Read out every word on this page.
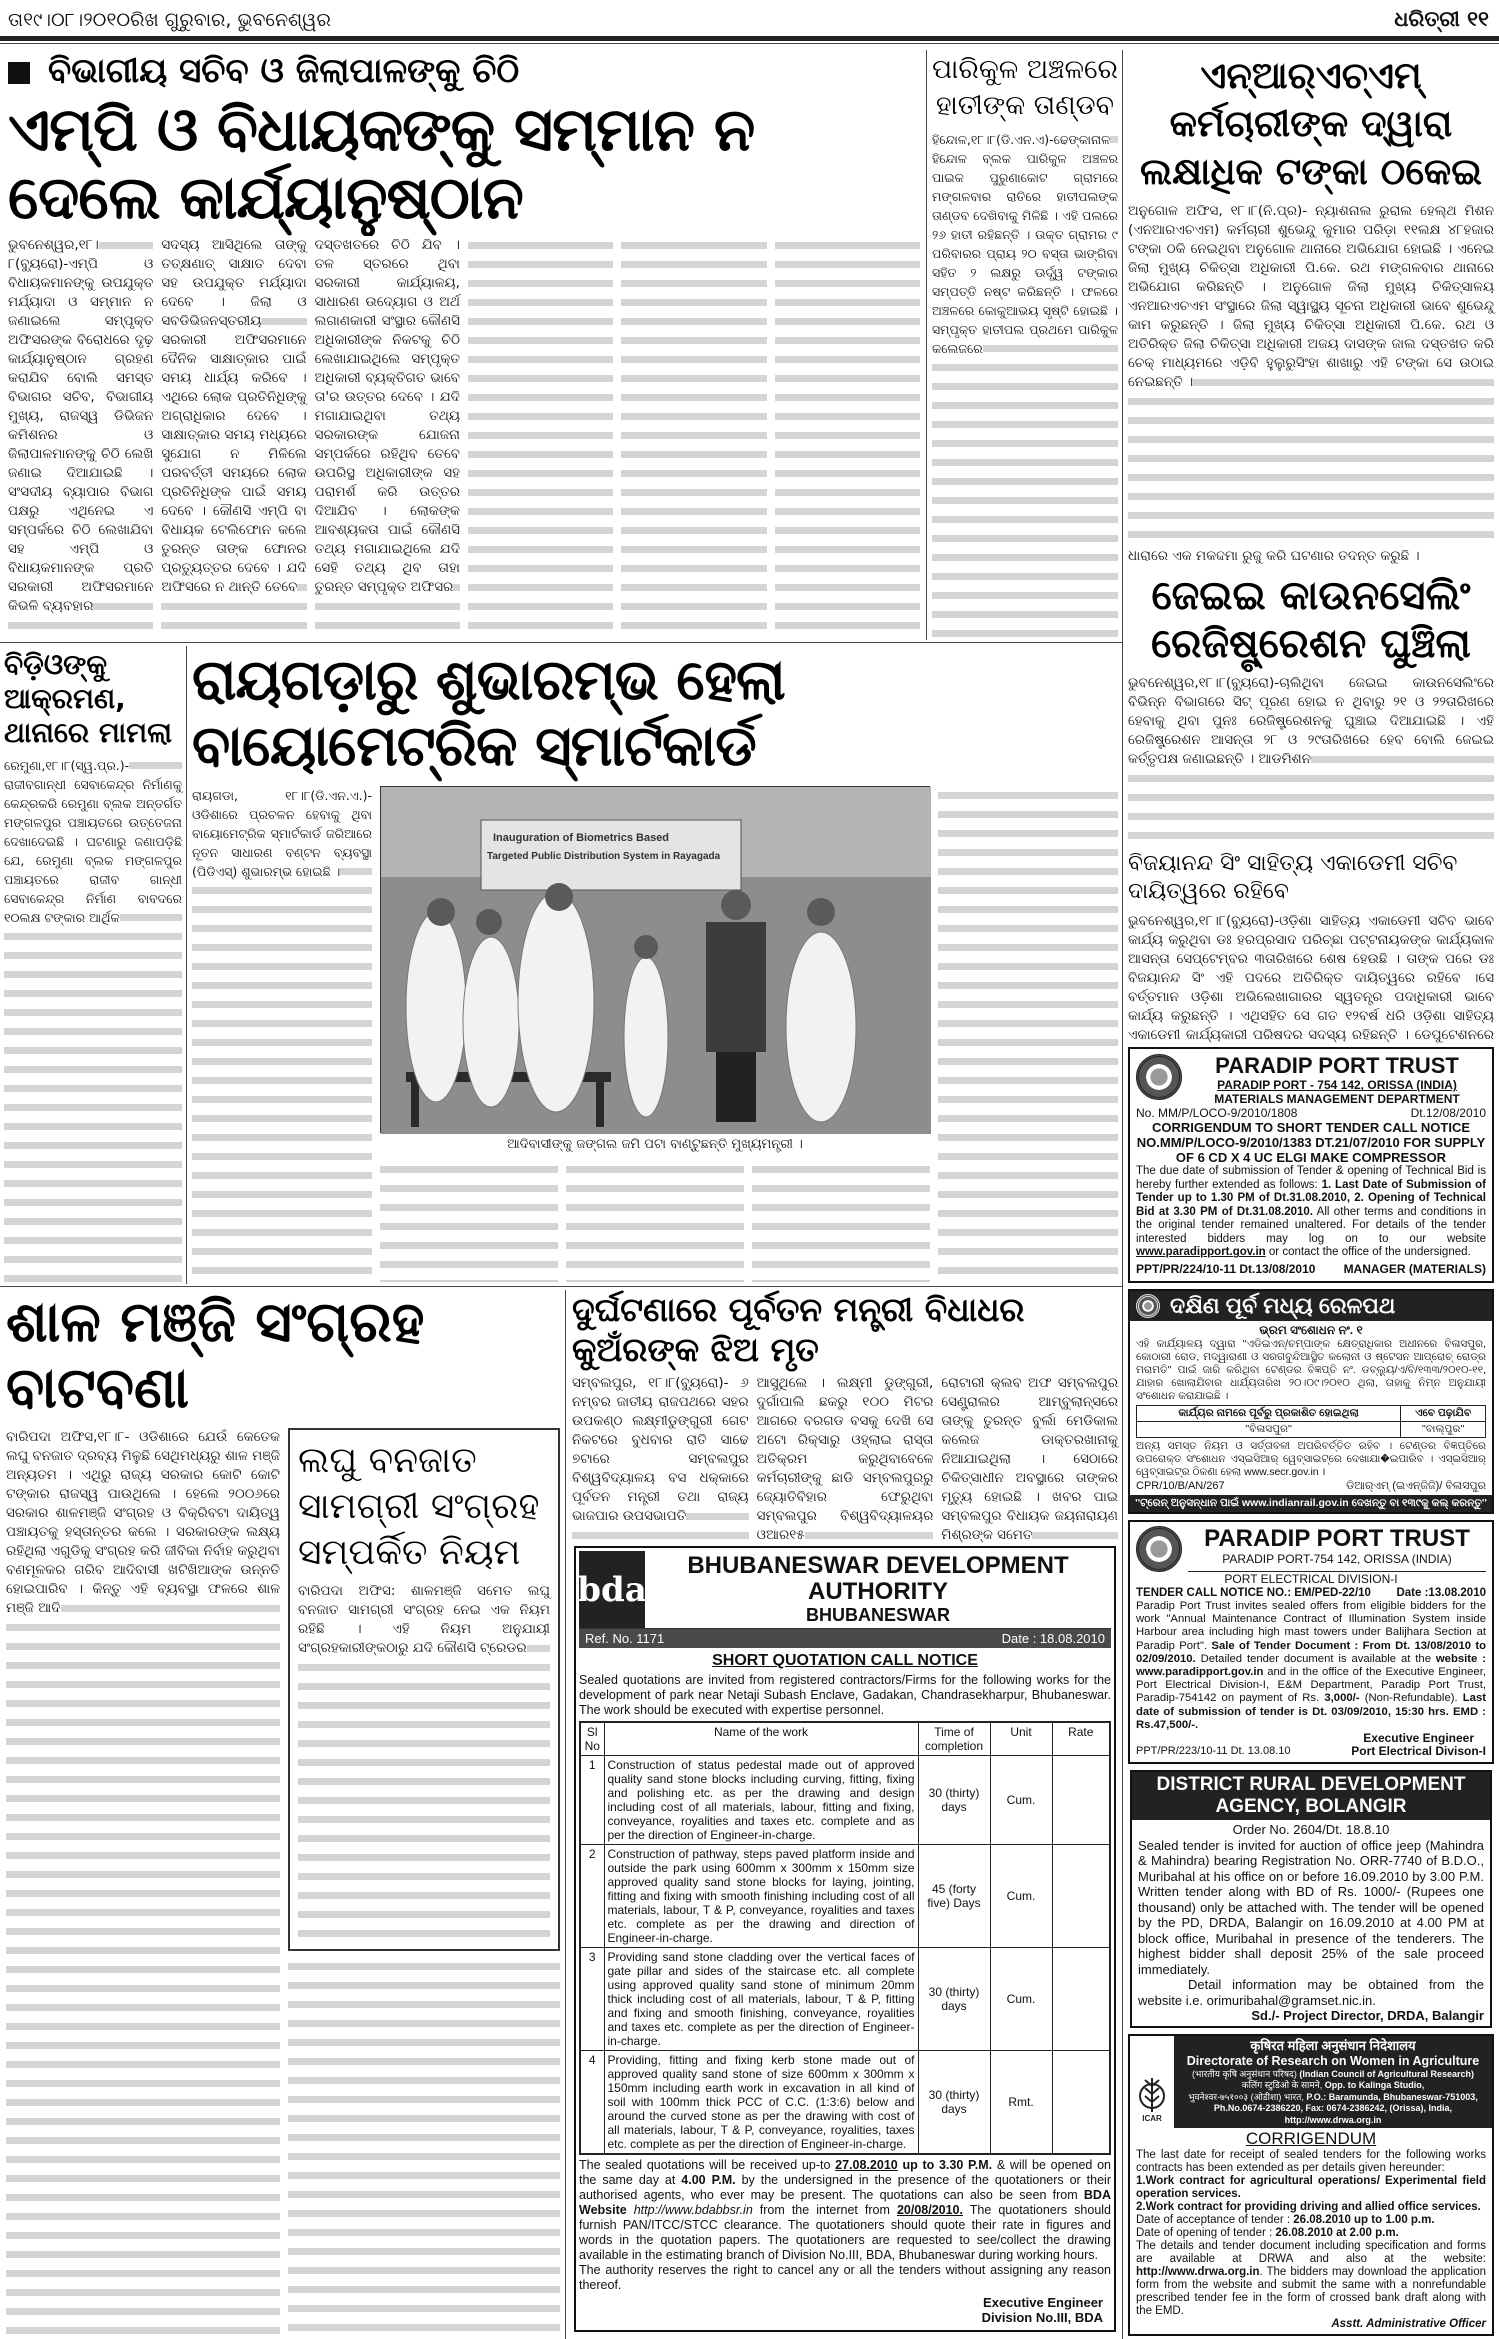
ତା୧୯।୦୮।୨୦୧୦ରିଖ ଗୁରୁବାର, ଭୁବନେଶ୍ୱର	ଧରିତ୍ରୀ ୧୧
ବିଭାଗୀୟ ସଚିବ ଓ ଜିଲାପାଳଙ୍କୁ ଚିଠି
ଏମ୍‌ପି ଓ ବିଧାୟକଙ୍କୁ ସମ୍ମାନ ନ ଦେଲେ କାର୍ଯ୍ୟାନୁଷ୍ଠାନ
ଭୁବନେଶ୍ୱର,୧୮।୮(ବ୍ୟୁରୋ)-ଏମ୍‌ପି ଓ ବିଧାୟକମାନଙ୍କୁ ଉପଯୁକ୍ତ ମର୍ଯ୍ୟାଦା ଓ ସମ୍ମାନ ନ ଜଣାଇଲେ ସମ୍ପୃକ୍ତ ଅଫିସରଙ୍କ ବିରୋଧରେ ଦୃଢ଼ କାର୍ଯ୍ୟାନୁଷ୍ଠାନ ଗ୍ରହଣ କରାଯିବ ବୋଲି ସମସ୍ତ ବିଭାଗର ସଚିବ, ବିଭାଗୀୟ ମୁଖ୍ୟ, ରାଜସ୍ୱ ଡିଭିଜନ କମିଶନର ଓ ଜିଲାପାଳମାନଙ୍କୁ ଚିଠି ଲେଖି ଜଣାଇ ଦିଆଯାଇଛି । ସଂସଦୀୟ ବ୍ୟାପାର ବିଭାଗ ପକ୍ଷରୁ ଏଥିନେଇ ଏ ସମ୍ପର୍କରେ ଚିଠି ଲେଖାଯିବା ସହ ଏମ୍‌ପି ଓ ବିଧାୟକମାନଙ୍କ ପ୍ରତି ସରକାରୀ ଅଫିସରମାନେ କିଭଳି ବ୍ୟବହାର
ସଦସ୍ୟ ଆସିଥିଲେ ତାଙ୍କୁ ତତ୍‌କ୍ଷଣାତ୍ ସାକ୍ଷାତ ଦେବା ସହ ଉପଯୁକ୍ତ ମର୍ଯ୍ୟାଦା ଦେବେ । ଜିଲା ଓ ସବଡିଭିଜନସ୍ତରୀୟ ସରକାରୀ ଅଫିସରମାନେ ଦୈନିକ ସାକ୍ଷାତ୍‌କାର ପାଇଁ ସମୟ ଧାର୍ଯ୍ୟ କରିବେ । ଏଥିରେ ଲୋକ ପ୍ରତିନିଧିଙ୍କୁ ଅଗ୍ରାଧିକାର ଦେବେ । ସାକ୍ଷାତ୍‌କାର ସମୟ ମଧ୍ୟରେ ସୁଯୋଗ ନ ମିଳିଲେ ପରବର୍ତ୍ତୀ ସମୟରେ ଲୋକ ପ୍ରତିନିଧିଙ୍କ ପାଇଁ ସମୟ ଦେବେ । କୌଣସି ଏମ୍‌ପି ବା ବିଧାୟକ ଟେଲିଫୋନ କଲେ ତୁରନ୍ତ ତାଙ୍କ ଫୋନର ପ୍ରତ୍ୟୁତ୍ତର ଦେବେ । ଯଦି ଅଫିସରେ ନ ଥାନ୍ତି ତେବେ
ଦସ୍ତଖତରେ ଚିଠି ଯିବ । ତଳ ସ୍ତରରେ ଥିବା ସରକାରୀ କାର୍ଯ୍ୟାଳୟ, ସାଧାରଣ ଉଦ୍ୟୋଗ ଓ ଅର୍ଥ ଲଗାଣକାରୀ ସଂସ୍ଥାର କୌଣସି ଅଧିକାରୀଙ୍କ ନିକଟକୁ ଚିଠି ଲେଖାଯାଇଥିଲେ ସମ୍ପୃକ୍ତ ଅଧିକାରୀ ବ୍ୟକ୍ତିଗତ ଭାବେ ତା'ର ଉତ୍ତର ଦେବେ । ଯଦି ମଗାଯାଇଥିବା ତଥ୍ୟ ସରକାରଙ୍କ ଯୋଜନା ସମ୍ପର୍କରେ ରହିଥିବ ତେବେ ଉପରିସ୍ଥ ଅଧିକାରୀଙ୍କ ସହ ପରାମର୍ଶ କରି ଉତ୍ତର ଦିଆଯିବ । ଲୋକଙ୍କ ଆବଶ୍ୟକତା ପାଇଁ କୌଣସି ତଥ୍ୟ ମଗାଯାଇଥିଲେ ଯଦି ସେହି ତଥ୍ୟ ଥିବ ତାହା ତୁରନ୍ତ ସମ୍ପୃକ୍ତ ଅଫିସର
ପାରିକୁଳ ଅଞ୍ଚଳରେ ହାତୀଙ୍କ ତାଣ୍ଡବ
ହିନ୍ଦୋଳ,୧୮।୮(ଡି.ଏନ.ଏ)-ଢେଙ୍କାନାଳ ହିନ୍ଦୋଳ ବ୍ଲକ ପାରିକୁଳ ଅଞ୍ଚଳର ପାଇକ ପୁରୁଣାକୋଟ ଗ୍ରାମରେ ମଙ୍ଗଳବାର ରାତିରେ ହାତୀପଲଙ୍କ ତାଣ୍ଡବ ଦେଖିବାକୁ ମିଳିଛି । ଏହି ପଲରେ ୨୬ ହାତୀ ରହିଛନ୍ତି । ଉକ୍ତ ଗ୍ରାମର ୯ ପରିବାରର ପ୍ରାୟ ୨୦ ବସ୍ତା ଭାଙ୍ଗିବା ସହିତ ୨ ଲକ୍ଷରୁ ଊର୍ଦ୍ଧ୍ୱ ଟଙ୍କାର ସମ୍ପତ୍ତି ନଷ୍ଟ କରିଛନ୍ତି । ଫଳରେ ଅଞ୍ଚଳରେ କୋକୁଆଭୟ ସୃଷ୍ଟି ହୋଇଛି । ସମ୍ପୃକ୍ତ ହାତୀପଲ ପ୍ରଥମେ ପାରିକୁଳ କଲେଜରେ
ଏନ୍‌ଆର୍‌ଏଚ୍‌ଏମ୍ କର୍ମଚାରୀଙ୍କ ଦ୍ୱାରା ଲକ୍ଷାଧିକ ଟଙ୍କା ଠକେଇ
ଅନୁଗୋଳ ଅଫିସ, ୧୮।୮(ନି.ପ୍ର)- ନ୍ୟାଶନାଲ ରୁରାଲ ହେଲ୍‌ଥ ମିଶନ (ଏନଆରଏଚଏମ) କର୍ମଚାରୀ ଶୁଭେନ୍ଦୁ କୁମାର ପରିଡ଼ା ୧୧ଲକ୍ଷ ୪୮ହଜାର ଟଙ୍କା ଠକି ନେଇଥିବା ଅନୁଗୋଳ ଥାନାରେ ଅଭିଯୋଗ ହୋଇଛି । ଏନେଇ ଜିଲା ମୁଖ୍ୟ ଚିକିତ୍ସା ଅଧିକାରୀ ପି.କେ. ରଥ ମଙ୍ଗଳବାର ଥାନାରେ ଅଭିଯୋଗ କରିଛନ୍ତି । ଅନୁଗୋଳ ଜିଲା ମୁଖ୍ୟ ଚିକିତ୍ସାଳୟ ଏନଆରଏଚଏମ ସଂସ୍ଥାରେ ଜିଲା ସ୍ୱାସ୍ଥ୍ୟ ସୂଚନା ଅଧିକାରୀ ଭାବେ ଶୁଭେନ୍ଦୁ କାମ କରୁଛନ୍ତି । ଜିଲା ମୁଖ୍ୟ ଚିକିତ୍ସା ଅଧିକାରୀ ପି.କେ. ରଥ ଓ ଅତିରିକ୍ତ ଜିଲା ଚିକିତ୍ସା ଅଧିକାରୀ ଅଜୟ ଦାସଙ୍କ ଜାଲ ଦସ୍ତଖତ କରି ଚେକ୍ ମାଧ୍ୟମରେ ଏଡ଼ିବି ହୁଲୁରୁସିଂହା ଶାଖାରୁ ଏହି ଟଙ୍କା ସେ ଉଠାଇ ନେଇଛନ୍ତି ।
ଧାରାରେ ଏକ ମକଦ୍ଦମା ରୁଜୁ କରି ଘଟଣାର ତଦନ୍ତ କରୁଛି ।
ଜେଇଇ କାଉନସେଲିଂ ରେଜିଷ୍ଟ୍ରେଶନ ଘୁଞ୍ଚିଲା
ଭୁବନେଶ୍ୱର,୧୮।୮(ବ୍ୟୁରୋ)-ଚାଲିଥିବା ଜେଇଇ କାଉନସେଲିଂରେ ବିଭିନ୍ନ ବିଭାଗରେ ସିଟ୍ ପୂରଣ ହୋଇ ନ ଥିବାରୁ ୨୧ ଓ ୨୨ତାରିଖରେ ହେବାକୁ ଥିବା ପୁନଃ ରେଜିଷ୍ଟ୍ରେଶନକୁ ଘୁଞ୍ଚାଇ ଦିଆଯାଇଛି । ଏହି ରେଜିଷ୍ଟ୍ରେଶନ ଆସନ୍ତା ୨୮ ଓ ୨୯ତାରିଖରେ ହେବ ବୋଲି ଜେଇଇ କର୍ତ୍ତୃପକ୍ଷ ଜଣାଇଛନ୍ତି । ଆଡମିଶନ
ବିଜୟାନନ୍ଦ ସିଂ ସାହିତ୍ୟ ଏକାଡେମୀ ସଚିବ ଦାୟିତ୍ୱରେ ରହିବେ
ଭୁବନେଶ୍ୱର,୧୮।୮(ବ୍ୟୁରୋ)-ଓଡ଼ିଶା ସାହିତ୍ୟ ଏକାଡେମୀ ସଚିବ ଭାବେ କାର୍ଯ୍ୟ କରୁଥିବା ଡଃ ହରପ୍ରସାଦ ପରିଚ୍ଛା ପଟ୍ଟନାୟକଙ୍କ କାର୍ଯ୍ୟକାଳ ଆସନ୍ତା ସେପ୍ଟେମ୍ବର ୩ତାରିଖରେ ଶେଷ ହେଉଛି । ତାଙ୍କ ପରେ ଡଃ ବିଜୟାନନ୍ଦ ସିଂ ଏହି ପଦରେ ଅତିରିକ୍ତ ଦାୟିତ୍ୱରେ ରହିବେ ।ସେ ବର୍ତ୍ତମାନ ଓଡ଼ିଶା ଅଭିଲେଖାଗାରର ସ୍ୱତନ୍ତ୍ର ପଦାଧିକାରୀ ଭାବେ କାର୍ଯ୍ୟ କରୁଛନ୍ତି । ଏଥିସହିତ ସେ ଗତ ୧୨ବର୍ଷ ଧରି ଓଡ଼ିଶା ସାହିତ୍ୟ ଏକାଡେମୀ କାର୍ଯ୍ୟକାରୀ ପରିଷଦର ସଦସ୍ୟ ରହିଛନ୍ତି । ଡେପୁଟେଶନରେ
PARADIP PORT TRUST
PARADIP PORT - 754 142, ORISSA (INDIA)
MATERIALS MANAGEMENT DEPARTMENT
No. MM/P/LOCO-9/2010/1808	Dt.12/08/2010
CORRIGENDUM TO SHORT TENDER CALL NOTICE NO.MM/P/LOCO-9/2010/1383 DT.21/07/2010 FOR SUPPLY OF 6 CD X 4 UC ELGI MAKE COMPRESSOR

The due date of submission of Tender & opening of Technical Bid is hereby further extended as follows: 1. Last Date of Submission of Tender up to 1.30 PM of Dt.31.08.2010, 2. Opening of Technical Bid at 3.30 PM of Dt.31.08.2010. All other terms and conditions in the original tender remained unaltered. For details of the tender interested bidders may log on to our website www.paradipport.gov.in or contact the office of the undersigned.

PPT/PR/224/10-11 Dt.13/08/2010 MANAGER (MATERIALS)
ଦକ୍ଷିଣ ପୂର୍ବ ମଧ୍ୟ ରେଳପଥ
ଭ୍ରମ ସଂଶୋଧନ ନଂ. ୧

ଏହି କାର୍ଯ୍ୟାଳୟ ଦ୍ୱାରା ''ଏଡିଇଏନ୍/ଚମ୍ପାଙ୍କ କ୍ଷେତ୍ରାଧିକାର ଅଧୀନରେ ବିଳାସପୁର, କୋଠାରୀ ରୋଡ, ମଦ୍ୱାରାଣୀ ଓ ସରଗବୁନ୍ଦିଆସ୍ଥିତ କଲୋନୀ ଓ ଷ୍ଟେସନ ଆପ୍ରୋଚ୍ ରୋଡ୍‌ର ମରାମତି'' ପାଇଁ ଜାରି କରିଥିବା ଟେଣ୍ଡର ବିଜ୍ଞପ୍ତି ନଂ. ଡବ୍ଲ୍ୟୁ/ଏ/ବି/୧୩୩/୨୦୧୦-୧୧, ଯାହାର ଖୋଲାଯିବାର ଧାର୍ଯ୍ୟତାରିଖ ୨୦।୦୯।୨୦୧୦ ଥିଲା, ତାହାକୁ ନିମ୍ନ ଅନୁଯାୟୀ ସଂଶୋଧନ କରାଯାଇଛି ।

କାର୍ଯ୍ୟର ନାମରେ ପୂର୍ବରୁ ପ୍ରକାଶିତ ହୋଇଥିଲା	ଏବେ ପଢ଼ାଯିବ
''ବିଳାସପୁର''	''ବାଲ୍‌ପୁର''

ଅନ୍ୟ ସମସ୍ତ ନିୟମ ଓ ସର୍ତ୍ତାବଳୀ ଅପରିବର୍ତ୍ତିତ ରହିବ । ଟେଣ୍ଡର ବିଜ୍ଞପ୍ତିରେ ଉପରୋକ୍ତ ସଂଶୋଧନ ଏସ୍‌ଇସିଆର୍ ୱେବ୍‌ସାଇଟ୍‌ରେ ଦେଖାଯା�ଇପାରିବ । ଏସ୍‌ଇସିଆର୍ ୱେବ୍‌ସାଇଟ୍‌ର ଠିକଣା ହେଲା www.secr.gov.in ।

CPR/10/B/AN/267	ଡିଆର୍‌ଏମ୍ (ଇଏନ୍‌ଜିଜି)/ ବିଳାସପୁର
''ଟ୍ରେନ୍ ଅନୁସନ୍ଧାନ ପାଇଁ www.indianrail.gov.in ଦେଖନ୍ତୁ ବା ୧୩୯କୁ କଲ୍ କରନ୍ତୁ''
PARADIP PORT TRUST
PARADIP PORT-754 142, ORISSA (INDIA)
PORT ELECTRICAL DIVISION-I
TENDER CALL NOTICE NO.: EM/PED-22/10 Date :13.08.2010

Paradip Port Trust invites sealed offers from eligible bidders for the work "Annual Maintenance Contract of Illumination System inside Harbour area including high mast towers under Balijhara Section at Paradip Port". Sale of Tender Document : From Dt. 13/08/2010 to 02/09/2010. Detailed tender document is available at the website : www.paradipport.gov.in and in the office of the Executive Engineer, Port Electrical Division-I, E&M Department, Paradip Port Trust, Paradip-754142 on payment of Rs. 3,000/- (Non-Refundable). Last date of submission of tender is Dt. 03/09/2010, 15:30 hrs. EMD : Rs.47,500/-.

PPT/PR/223/10-11 Dt. 13.08.10
Executive Engineer
Port Electrical Divison-I
DISTRICT RURAL DEVELOPMENT
AGENCY, BOLANGIR
Order No. 2604/Dt. 18.8.10

Sealed tender is invited for auction of office jeep (Mahindra & Mahindra) bearing Registration No. ORR-7740 of B.D.O., Muribahal at his office on or before 16.09.2010 by 3.00 P.M. Written tender along with BD of Rs. 1000/- (Rupees one thousand) only be attached with. The tender will be opened by the PD, DRDA, Balangir on 16.09.2010 at 4.00 PM at block office, Muribahal in presence of the tenderers. The highest bidder shall deposit 25% of the sale proceed immediately.

Detail information may be obtained from the website i.e. orimuribahal@gramset.nic.in.

Sd./- Project Director, DRDA, Balangir
ICAR
कृषिरत महिला अनुसंधान निदेशालय
Directorate of Research on Women in Agriculture
(भारतीय कृषि अनुसंधान परिषद) (Indian Council of Agricultural Research)
कलिंग स्टुडिओ के सामने, Opp. to Kalinga Studio,
भुवनेश्वर-७५१००३ (ओडीशा) भारत, P.O.: Baramunda, Bhubaneswar-751003,
Ph.No.0674-2386220, Fax: 0674-2386242, (Orissa), India, http://www.drwa.org.in
CORRIGENDUM

The last date for receipt of sealed tenders for the following works contracts has been extended as per details given hereunder:

1.Work contract for agricultural operations/ Experimental field operation services.

2.Work contract for providing driving and allied office services.

Date of acceptance of tender : 26.08.2010 up to 1.00 p.m.

Date of opening of tender : 26.08.2010 at 2.00 p.m.

The details and tender document including specification and forms are available at DRWA and also at the website: http://www.drwa.org.in. The bidders may download the application form from the website and submit the same with a nonrefundable prescribed tender fee in the form of crossed bank draft along with the EMD.

Asstt. Administrative Officer
ବିଡ଼ିଓଙ୍କୁ ଆକ୍ରମଣ, ଥାନାରେ ମାମଲା
ରେମୁଣା,୧୮।୮(ସ୍ୱ.ପ୍ର.)-ରାଜୀବଗାନ୍ଧୀ ସେବାକେନ୍ଦ୍ର ନିର୍ମାଣକୁ କେନ୍ଦ୍ରକରି ରେମୁଣା ବ୍ଲକ ଅନ୍ତର୍ଗତ ମଙ୍ଗଳପୁର ପଞ୍ଚାୟତରେ ଉତ୍ତେଜନା ଦେଖାଦେଇଛି । ଘଟଣାରୁ ଜଣାପଡ଼ିଛି ଯେ, ରେମୁଣା ବ୍ଲକ ମଙ୍ଗଳପୁର ପଞ୍ଚାୟତରେ ରାଜୀବ ଗାନ୍ଧୀ ସେବାକେନ୍ଦ୍ର ନିର୍ମାଣ ବାବଦରେ ୧୦ଲକ୍ଷ ଟଙ୍କାର ଆର୍ଥିକ
ରାୟଗଡ଼ାରୁ ଶୁଭାରମ୍ଭ ହେଲା ବାୟୋମେଟ୍ରିକ ସ୍ମାର୍ଟକାର୍ଡ
ରାୟଗଡା, ୧୮।୮(ଡି.ଏନ.ଏ.)-ଓଡିଶାରେ ପ୍ରଚଳନ ହେବାକୁ ଥିବା ବାୟୋମେଟ୍ରିକ ସ୍ମାର୍ଟକାର୍ଡ ଜରିଆରେ ନୂତନ ସାଧାରଣ ବଣ୍ଟନ ବ୍ୟବସ୍ଥା (ପିଡିଏସ୍) ଶୁଭାରମ୍ଭ ହୋଇଛି ।
Inauguration of Biometrics Based
Targeted Public Distribution System in Rayagada
ଆଦିବାସୀଙ୍କୁ ଜଙ୍ଗଲ ଜମି ପଟା ବାଣ୍ଟୁଛନ୍ତି ମୁଖ୍ୟମନ୍ତ୍ରୀ ।
ଶାଳ ମଞ୍ଜି ସଂଗ୍ରହ ବାଟବଣା
ବାରିପଦା ଅଫିସ,୧୮।୮- ଓଡିଶାରେ ଯେଉଁ କେତେକ ଲଘୁ ବନଜାତ ଦ୍ରବ୍ୟ ମିଳୁଛି ସେଥିମଧ୍ୟରୁ ଶାଳ ମଞ୍ଜି ଅନ୍ୟତମ । ଏଥିରୁ ରାଜ୍ୟ ସରକାର କୋଟି କୋଟି ଟଙ୍କାର ରାଜସ୍ୱ ପାଉଥିଲେ । ହେଲେ ୨୦୦୬ରେ ସରକାର ଶାଳମଞ୍ଜି ସଂଗ୍ରହ ଓ ବିକ୍ରିବଟା ଦାୟିତ୍ୱ ପଞ୍ଚାୟତକୁ ହସ୍ତାନ୍ତର କଲେ । ସରକାରଙ୍କ ଲକ୍ଷ୍ୟ ରହିଥିଲା ଏଗୁଡିକୁ ସଂଗ୍ରହ କରି ଜୀବିକା ନିର୍ବାହ କରୁଥିବା ବଣମୂଳକର ଗରିବ ଆଦିବାସୀ ଖଟିଖିଆଙ୍କ ଉନ୍ନତି ହୋଇପାରିବ । କିନ୍ତୁ ଏହି ବ୍ୟବସ୍ଥା ଫଳରେ ଶାଳ ମଞ୍ଜି ଆଦି
ଲଘୁ ବନଜାତ ସାମଗ୍ରୀ ସଂଗ୍ରହ ସମ୍ପର୍କିତ ନିୟମ
ବାରିପଦା ଅଫିସ: ଶାଳମଞ୍ଜି ସମେତ ଲଘୁ ବନଜାତ ସାମଗ୍ରୀ ସଂଗ୍ରହ ନେଇ ଏକ ନିୟମ ରହିଛି । ଏହି ନିୟମ ଅନୁଯାୟୀ ସଂଗ୍ରହକାରୀଙ୍କଠାରୁ ଯଦି କୌଣସି ଟ୍ରେଡର
ଦୁର୍ଘଟଣାରେ ପୂର୍ବତନ ମନ୍ତ୍ରୀ ବିଧାଧର କୁଅଁରଙ୍କ ଝିଅ ମୃତ
ସମ୍ବଲପୁର, ୧୮।୮(ବ୍ୟୁରୋ)- ୬ ନମ୍ବର ଜାତୀୟ ରାଜପଥରେ ସହର ଉପକଣ୍ଠ ଲକ୍ଷ୍ମୀଡୁଙ୍ଗୁରୀ ଗେଟ ନିକଟରେ ବୁଧବାର ରାତି ସାଢେ ୭ଟାରେ ସମ୍ବଲପୁର ବିଶ୍ୱବିଦ୍ୟାଳୟ ବସ ଧକ୍କାରେ ପୂର୍ବତନ ମନ୍ତ୍ରୀ ତଥା ରାଜ୍ୟ ଭାଜପାର ଉପସଭାପତି
ଆସୁଥିଲେ । ଲକ୍ଷ୍ମୀ ଡୁଙ୍ଗୁରୀ, ଦୁର୍ଗାପାଲି ଛକରୁ ୧୦୦ ମିଟର ଆଗରେ ବରଗଡ ବସକୁ ଦେଖି ସେ ଅଟୋ ରିକ୍ସାରୁ ଓହ୍ଲାଇ ରାସ୍ତା ଅତିକ୍ରମ କରୁଥିବାବେଳେ କର୍ମଚାରୀଙ୍କୁ ଛାଡି ସମ୍ବଲପୁରରୁ ଜ୍ୟୋତିବିହାର ଫେରୁଥିବା ସମ୍ବଲପୁର ବିଶ୍ୱବିଦ୍ୟାଳୟର ଓଆର୧୫
ରୋଟାରୀ କ୍ଲବ ଅଫ ସମ୍ବଲପୁର ସେଣ୍ଟ୍ରାଲର ଆମ୍ବୁଲାନ୍ସରେ ତାଙ୍କୁ ତୁରନ୍ତ ବୁର୍ଲା ମେଡିକାଲ କଲେଜ ଡାକ୍ତରଖାନାକୁ ନିଆଯାଇଥିଲା । ସେଠାରେ ଚିକିତ୍ସାଧୀନ ଅବସ୍ଥାରେ ତାଙ୍କର ମୃତ୍ୟୁ ହୋଇଛି । ଖବର ପାଇ ସମ୍ବଲପୁର ବିଧାୟକ ଜୟନାରାୟଣ ମିଶ୍ରଙ୍କ ସମେତ
bda
BHUBANESWAR DEVELOPMENT AUTHORITY
BHUBANESWAR
Ref. No. 1171	Date : 18.08.2010
SHORT QUOTATION CALL NOTICE

Sealed quotations are invited from registered contractors/Firms for the following works for the development of park near Netaji Subash Enclave, Gadakan, Chandrasekharpur, Bhubaneswar. The work should be executed with expertise personnel.

Sl No	Name of the work	Time of completion	Unit	Rate
1	Construction of status pedestal made out of approved quality sand stone blocks including curving, fitting, fixing and polishing etc. as per the drawing and design including cost of all materials, labour, fitting and fixing, conveyance, royalities and taxes etc. complete and as per the direction of Engineer-in-charge.	30 (thirty) days	Cum.	
2	Construction of pathway, steps paved platform inside and outside the park using 600mm x 300mm x 150mm size approved quality sand stone blocks for laying, jointing, fitting and fixing with smooth finishing including cost of all materials, labour, T & P, conveyance, royalities and taxes etc. complete as per the drawing and direction of Engineer-in-charge.	45 (forty five) Days	Cum.	
3	Providing sand stone cladding over the vertical faces of gate pillar and sides of the staircase etc. all complete using approved quality sand stone of minimum 20mm thick including cost of all materials, labour, T & P, fitting and fixing and smooth finishing, conveyance, royalities and taxes etc. complete as per the direction of Engineer-in-charge.	30 (thirty) days	Cum.	
4	Providing, fitting and fixing kerb stone made out of approved quality sand stone of size 600mm x 300mm x 150mm including earth work in excavation in all kind of soil with 100mm thick PCC of C.C. (1:3:6) below and around the curved stone as per the drawing with cost of all materials, labour, T & P, conveyance, royalities, taxes etc. complete as per the direction of Engineer-in-charge.	30 (thirty) days	Rmt.	

The sealed quotations will be received up-to 27.08.2010 up to 3.30 P.M. & will be opened on the same day at 4.00 P.M. by the undersigned in the presence of the quotationers or their authorised agents, who ever may be present. The quotations can also be seen from BDA Website http://www.bdabbsr.in from the internet from 20/08/2010. The quotationers should furnish PAN/ITCC/STCC clearance. The quotationers should quote their rate in figures and words in the quotation papers. The quotationers are requested to see/collect the drawing available in the estimating branch of Division No.III, BDA, Bhubaneswar during working hours.

The authority reserves the right to cancel any or all the tenders without assigning any reason thereof.

Executive Engineer
Division No.III, BDA
